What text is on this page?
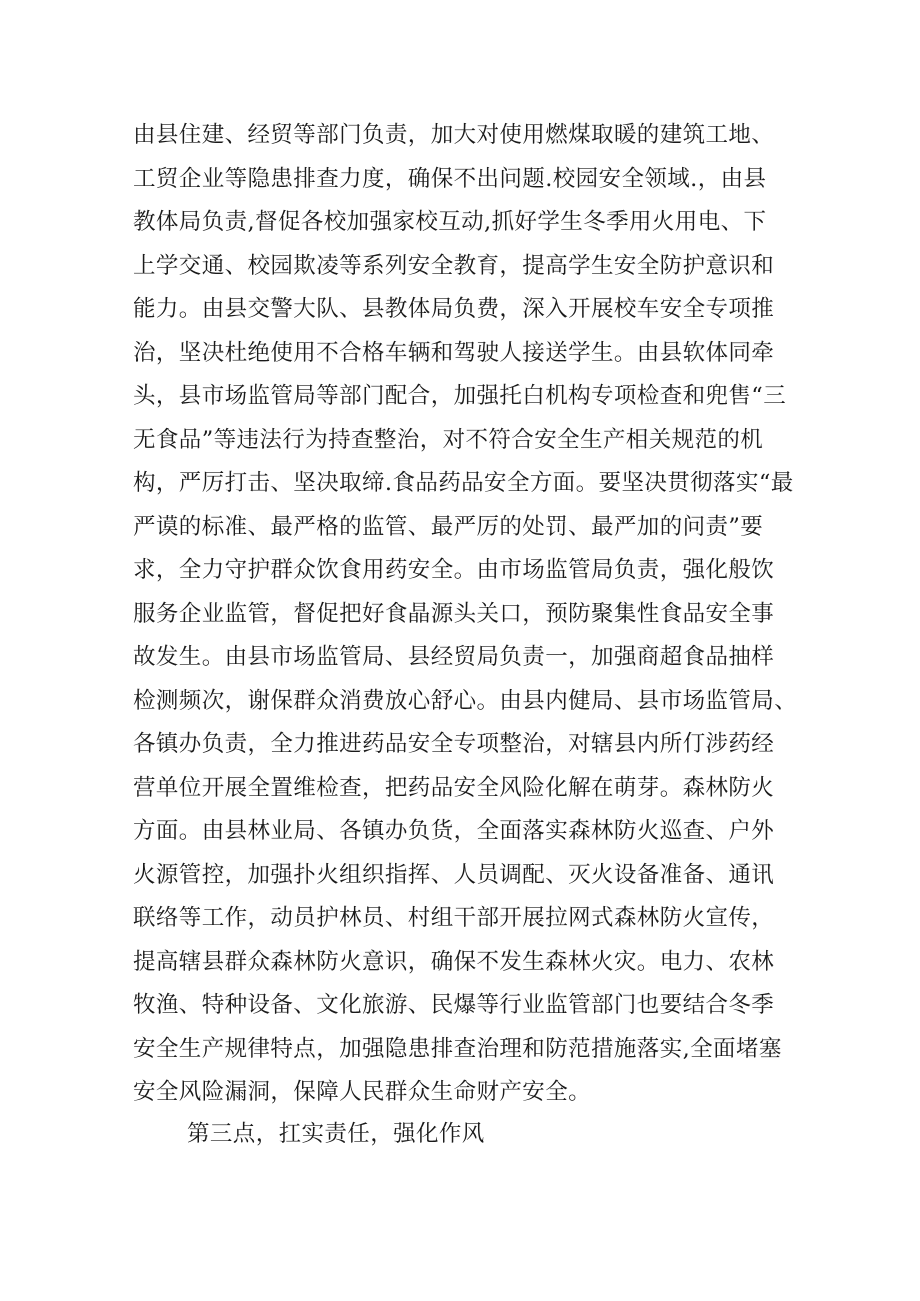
由县住建、经贸等部门负责，加大对使用燃煤取暖的建筑工地、
工贸企业等隐患排查力度，确保不出问题.校园安全领域.，由县
教体局负责,督促各校加强家校互动,抓好学生冬季用火用电、下
上学交通、校园欺凌等系列安全教育，提高学生安全防护意识和
能力。由县交警大队、县教体局负费，深入开展校车安全专项推
治，坚决杜绝使用不合格车辆和驾驶人接送学生。由县软体同牵
头，县市场监管局等部门配合，加强托白机构专项检查和兜售“三
无食品”等违法行为持查整治，对不符合安全生产相关规范的机
构，严厉打击、坚决取缔.食品药品安全方面。要坚决贯彻落实“最
严谟的标准、最严格的监管、最严厉的处罚、最严加的问责”要
求，全力守护群众饮食用药安全。由市场监管局负责，强化般饮
服务企业监管，督促把好食晶源头关口，预防聚集性食品安全事
故发生。由县市场监管局、县经贸局负责一，加强商超食品抽样
检测频次，谢保群众消费放心舒心。由县内健局、县市场监管局、
各镇办负责，全力推进药品安全专项整治，对辖县内所仃涉药经
营单位开展全置维检查，把药品安全风险化解在萌芽。森林防火
方面。由县林业局、各镇办负货，全面落实森林防火巡查、户外
火源管控，加强扑火组织指挥、人员调配、灭火设备准备、通讯
联络等工作，动员护林员、村组干部开展拉网式森林防火宣传，
提高辖县群众森林防火意识，确保不发生森林火灾。电力、农林
牧渔、特种设备、文化旅游、民爆等行业监管部门也要结合冬季
安全生产规律特点，加强隐患排查治理和防范措施落实,全面堵塞
安全风险漏洞，保障人民群众生命财产安全。
第三点，扛实责任，强化作风
